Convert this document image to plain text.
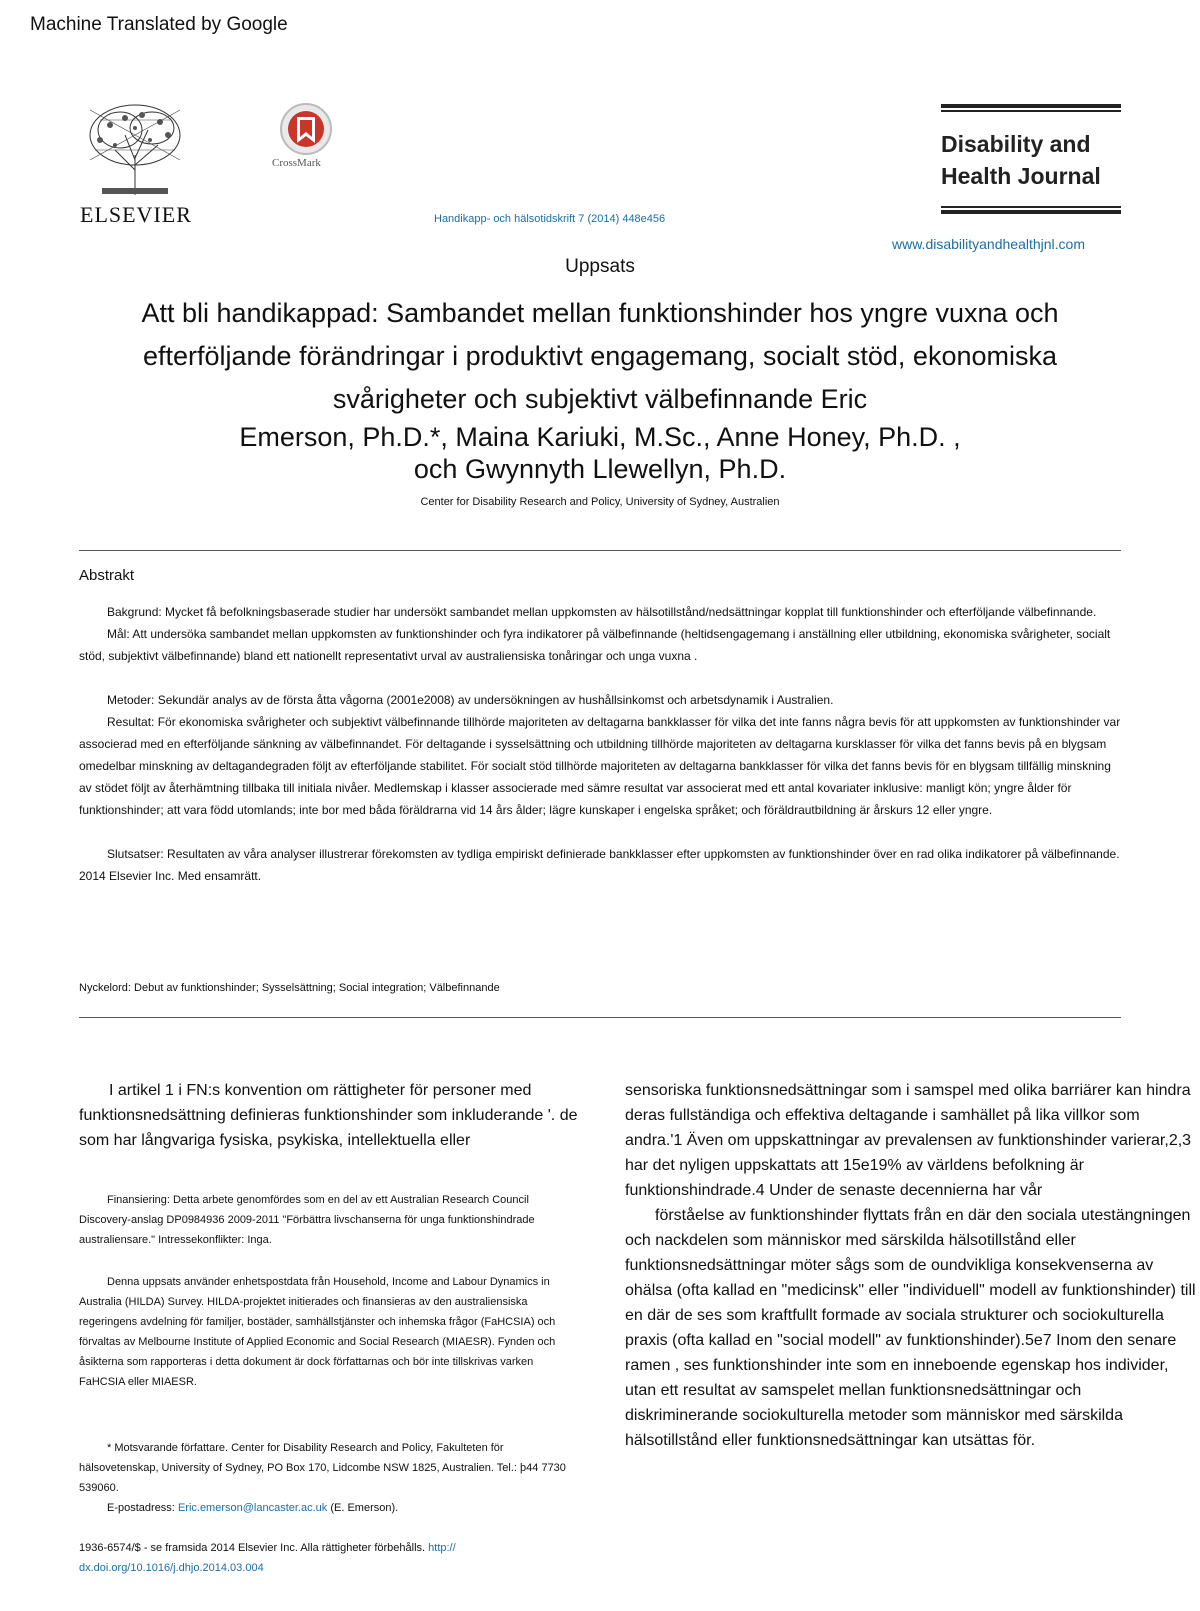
Machine Translated by Google
ELSEVIER
CrossMark
Handikapp- och hälsotidskrift 7 (2014) 448e456
Disability and
Health Journal
www.disabilityandhealthjnl.com
Uppsats
Att bli handikappad: Sambandet mellan funktionshinder hos yngre vuxna och
efterföljande förändringar i produktivt engagemang, socialt stöd, ekonomiska
svårigheter och subjektivt välbefinnande Eric
Emerson, Ph.D.*, Maina Kariuki, M.Sc., Anne Honey, Ph.D. ,
och Gwynnyth Llewellyn, Ph.D.
Center for Disability Research and Policy, University of Sydney, Australien
Abstrakt

Bakgrund: Mycket få befolkningsbaserade studier har undersökt sambandet mellan uppkomsten av hälsotillstånd/nedsättningar kopplat till funktionshinder och efterföljande välbefinnande.

Mål: Att undersöka sambandet mellan uppkomsten av funktionshinder och fyra indikatorer på välbefinnande (heltidsengagemang i anställning eller utbildning, ekonomiska svårigheter, socialt stöd, subjektivt välbefinnande) bland ett nationellt representativt urval av australiensiska tonåringar och unga vuxna .

Metoder: Sekundär analys av de första åtta vågorna (2001e2008) av undersökningen av hushållsinkomst och arbetsdynamik i Australien.

Resultat: För ekonomiska svårigheter och subjektivt välbefinnande tillhörde majoriteten av deltagarna bankklasser för vilka det inte fanns några bevis för att uppkomsten av funktionshinder var associerad med en efterföljande sänkning av välbefinnandet. För deltagande i sysselsättning och utbildning tillhörde majoriteten av deltagarna kursklasser för vilka det fanns bevis på en blygsam omedelbar minskning av deltagandegraden följt av efterföljande stabilitet. För socialt stöd tillhörde majoriteten av deltagarna bankklasser för vilka det fanns bevis för en blygsam tillfällig minskning av stödet följt av återhämtning tillbaka till initiala nivåer. Medlemskap i klasser associerade med sämre resultat var associerat med ett antal kovariater inklusive: manligt kön; yngre ålder för funktionshinder; att vara född utomlands; inte bor med båda föräldrarna vid 14 års ålder; lägre kunskaper i engelska språket; och föräldrautbildning är årskurs 12 eller yngre.

Slutsatser: Resultaten av våra analyser illustrerar förekomsten av tydliga empiriskt definierade bankklasser efter uppkomsten av funktionshinder över en rad olika indikatorer på välbefinnande. 2014 Elsevier Inc. Med ensamrätt.

Nyckelord: Debut av funktionshinder; Sysselsättning; Social integration; Välbefinnande

I artikel 1 i FN:s konvention om rättigheter för personer med funktionsnedsättning definieras funktionshinder som inkluderande '. de som har långvariga fysiska, psykiska, intellektuella eller

sensoriska funktionsnedsättningar som i samspel med olika barriärer kan hindra deras fullständiga och effektiva deltagande i samhället på lika villkor som andra.'1 Även om uppskattningar av prevalensen av funktionshinder varierar,2,3 har det nyligen uppskattats att 15e19% av världens befolkning är funktionshindrade.4 Under de senaste decennierna har vår

förståelse av funktionshinder flyttats från en där den sociala utestängningen och nackdelen som människor med särskilda hälsotillstånd eller funktionsnedsättningar möter sågs som de oundvikliga konsekvenserna av ohälsa (ofta kallad en "medicinsk" eller "individuell" modell av funktionshinder) till en där de ses som kraftfullt formade av sociala strukturer och sociokulturella praxis (ofta kallad en "social modell" av funktionshinder).5e7 Inom den senare ramen , ses funktionshinder inte som en inneboende egenskap hos individer, utan ett resultat av samspelet mellan funktionsnedsättningar och diskriminerande sociokulturella metoder som människor med särskilda hälsotillstånd eller funktionsnedsättningar kan utsättas för.

Finansiering: Detta arbete genomfördes som en del av ett Australian Research Council Discovery-anslag DP0984936 2009-2011 "Förbättra livschanserna för unga funktionshindrade australiensare." Intressekonflikter: Inga.

Denna uppsats använder enhetspostdata från Household, Income and Labour Dynamics in Australia (HILDA) Survey. HILDA-projektet initierades och finansieras av den australiensiska regeringens avdelning för familjer, bostäder, samhällstjänster och inhemska frågor (FaHCSIA) och förvaltas av Melbourne Institute of Applied Economic and Social Research (MIAESR). Fynden och åsikterna som rapporteras i detta dokument är dock författarnas och bör inte tillskrivas varken FaHCSIA eller MIAESR.

* Motsvarande författare. Center for Disability Research and Policy, Fakulteten för hälsovetenskap, University of Sydney, PO Box 170, Lidcombe NSW 1825, Australien. Tel.: þ44 7730 539060.

E-postadress: Eric.emerson@lancaster.ac.uk (E. Emerson).

1936-6574/$ - se framsida 2014 Elsevier Inc. Alla rättigheter förbehålls. http://
dx.doi.org/10.1016/j.dhjo.2014.03.004
